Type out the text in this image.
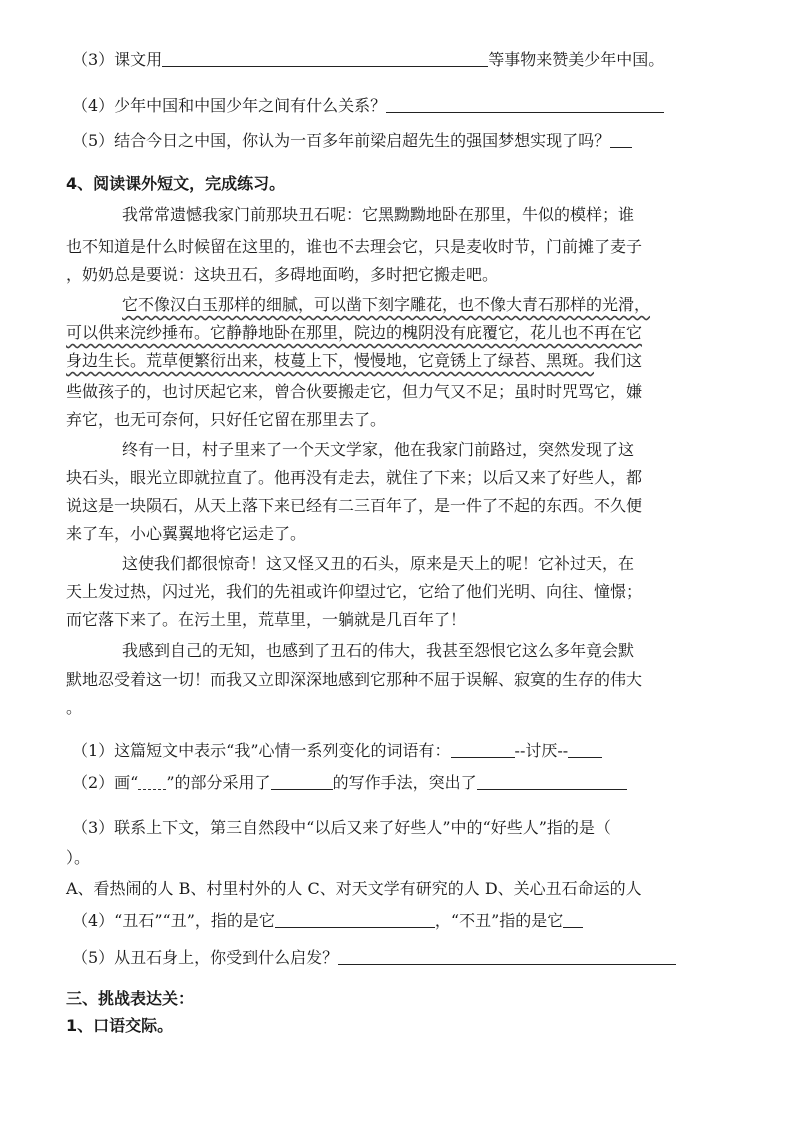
（3）课文用	等事物来赞美少年中国。
（4）少年中国和中国少年之间有什么关系？
（5）结合今日之中国，你认为一百多年前梁启超先生的强国梦想实现了吗？
4、阅读课外短文，完成练习。
我常常遗憾我家门前那块丑石呢：它黑黝黝地卧在那里，牛似的模样；谁
也不知道是什么时候留在这里的，谁也不去理会它，只是麦收时节，门前摊了麦子
，奶奶总是要说：这块丑石，多碍地面哟，多时把它搬走吧。
它不像汉白玉那样的细腻，可以凿下刻字雕花，也不像大青石那样的光滑，
可以供来浣纱捶布。它静静地卧在那里，院边的槐阴没有庇覆它，花儿也不再在它
身边生长。荒草便繁衍出来，枝蔓上下，慢慢地，它竟锈上了绿苔、黑斑。我们这
些做孩子的，也讨厌起它来，曾合伙要搬走它，但力气又不足；虽时时咒骂它，嫌
弃它，也无可奈何，只好任它留在那里去了。
终有一日，村子里来了一个天文学家，他在我家门前路过，突然发现了这
块石头，眼光立即就拉直了。他再没有走去，就住了下来；以后又来了好些人，都
说这是一块陨石，从天上落下来已经有二三百年了，是一件了不起的东西。不久便
来了车，小心翼翼地将它运走了。
这使我们都很惊奇！这又怪又丑的石头，原来是天上的呢！它补过天，在
天上发过热，闪过光，我们的先祖或许仰望过它，它给了他们光明、向往、憧憬；
而它落下来了。在污土里，荒草里，一躺就是几百年了！
我感到自己的无知，也感到了丑石的伟大，我甚至怨恨它这么多年竟会默
默地忍受着这一切！而我又立即深深地感到它那种不屈于误解、寂寞的生存的伟大
。
（1）这篇短文中表示“我”心情一系列变化的词语有：	--讨厌--
（2）画“ ”的部分采用了	的写作手法，突出了
（3）联系上下文，第三自然段中“以后又来了好些人”中的“好些人”指的是（
）。
A、看热闹的人 B、村里村外的人 C、对天文学有研究的人 D、关心丑石命运的人
（4）“丑石”“丑”，指的是它	，“不丑”指的是它
（5）从丑石身上，你受到什么启发？
三、挑战表达关：
1、口语交际。
